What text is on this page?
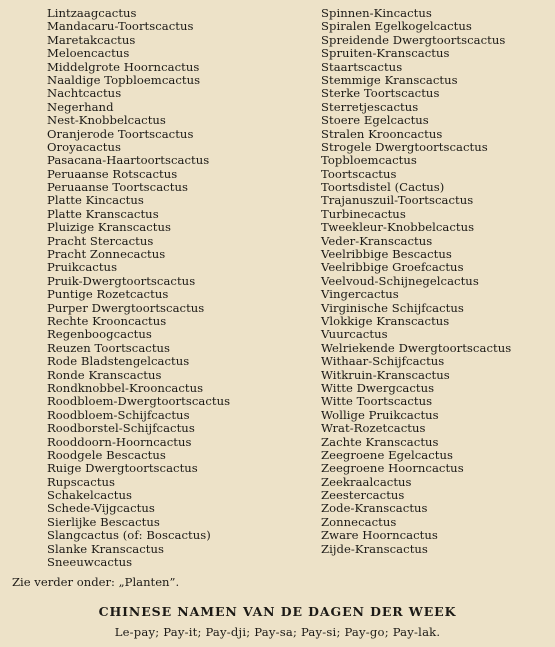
Lintzaagcactus
Mandacaru-Toortscactus
Maretakcactus
Meloencactus
Middelgrote Hoorncactus
Naaldige Topbloemcactus
Nachtcactus
Negerhand
Nest-Knobbelcactus
Oranjerode Toortscactus
Oroyacactus
Pasacana-Haartoortscactus
Peruaanse Rotscactus
Peruaanse Toortscactus
Platte Kincactus
Platte Kranscactus
Pluizige Kranscactus
Pracht Stercactus
Pracht Zonnecactus
Pruikcactus
Pruik-Dwergtoortscactus
Puntige Rozetcactus
Purper Dwergtoortscactus
Rechte Krooncactus
Regenboogcactus
Reuzen Toortscactus
Rode Bladstengelcactus
Ronde Kranscactus
Rondknobbel-Krooncactus
Roodbloem-Dwergtoortscactus
Roodbloem-Schijfcactus
Roodborstel-Schijfcactus
Rooddoorn-Hoorncactus
Roodgele Bescactus
Ruige Dwergtoortscactus
Rupscactus
Schakelcactus
Schede-Vijgcactus
Sierlijke Bescactus
Slangcactus (of: Boscactus)
Slanke Kranscactus
Sneeuwcactus
Spinnen-Kincactus
Spiralen Egelkogelcactus
Spreidende Dwergtoortscactus
Spruiten-Kranscactus
Staartscactus
Stemmige Kranscactus
Sterke Toortscactus
Sterretjescactus
Stoere Egelcactus
Stralen Krooncactus
Strogele Dwergtoortscactus
Topbloemcactus
Toortscactus
Toortsdistel (Cactus)
Trajanuszuil-Toortscactus
Turbinecactus
Tweekleur-Knobbelcactus
Veder-Kranscactus
Veelribbige Bescactus
Veelribbige Groefcactus
Veelvoud-Schijnegelcactus
Vingercactus
Virginische Schijfcactus
Vlokkige Kranscactus
Vuurcactus
Welriekende Dwergtoortscactus
Withaar-Schijfcactus
Witkruin-Kranscactus
Witte Dwergcactus
Witte Toortscactus
Wollige Pruikcactus
Wrat-Rozetcactus
Zachte Kranscactus
Zeegroene Egelcactus
Zeegroene Hoorncactus
Zeekraalcactus
Zeestercactus
Zode-Kranscactus
Zonnecactus
Zware Hoorncactus
Zijde-Kranscactus
Zie verder onder: „Planten”.
CHINESE NAMEN VAN DE DAGEN DER WEEK
Le-pay; Pay-it; Pay-dji; Pay-sa; Pay-si; Pay-go; Pay-lak.
